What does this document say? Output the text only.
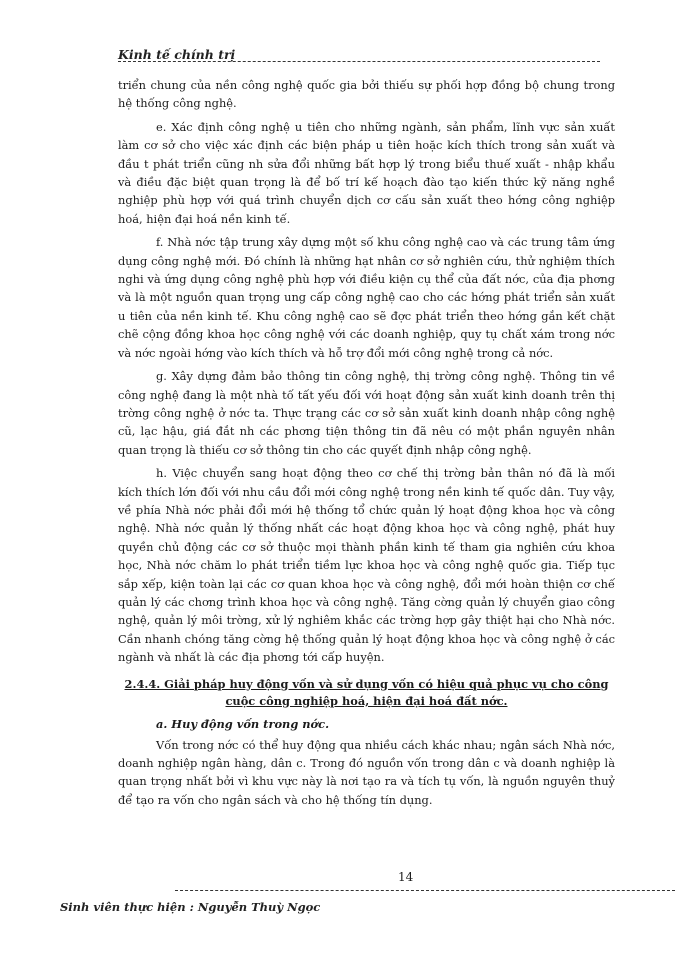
Kinh tế chính trị

triển chung của nền công nghệ quốc gia bởi thiếu sự phối hợp đồng bộ chung trong hệ thống công nghệ.

e. Xác định công nghệ u tiên cho những ngành, sản phẩm, lĩnh vực sản xuất làm cơ sở cho việc xác định các biện pháp u tiên hoặc kích thích trong sản xuất và đầu t phát triển cũng nh sửa đổi những bất hợp lý trong biểu thuế xuất - nhập khẩu và điều đặc biệt quan trọng là để bố trí kế hoạch đào tạo kiến thức kỹ năng nghề nghiệp phù hợp với quá trình chuyển dịch cơ cấu sản xuất theo hớng công nghiệp hoá, hiện đại hoá nền kinh tế.

f. Nhà nớc tập trung xây dựng một số khu công nghệ cao và các trung tâm ứng dụng công nghệ mới. Đó chính là những hạt nhân cơ sở nghiên cứu, thử nghiệm thích nghi và ứng dụng công nghệ phù hợp với điều kiện cụ thể của đất nớc, của địa phơng và là một nguồn quan trọng ung cấp công nghệ cao cho các hớng phát triển sản xuất u tiên của nền kinh tế. Khu công nghệ cao sẽ đợc phát triển theo hớng gắn kết chặt chẽ cộng đồng khoa học công nghệ với các doanh nghiệp, quy tụ chất xám trong nớc và nớc ngoài hớng vào kích thích và hỗ trợ đổi mới công nghệ trong cả nớc.

g. Xây dựng đảm bảo thông tin công nghệ, thị trờng công nghệ. Thông tin về công nghệ đang là một nhà tố tất yếu đối với hoạt động sản xuất kinh doanh trên thị trờng công nghệ ở nớc ta. Thực trạng các cơ sở sản xuất kinh doanh nhập công nghệ cũ, lạc hậu, giá đắt nh các phơng tiện thông tin đã nêu có một phần nguyên nhân quan trọng là thiếu cơ sở thông tin cho các quyết định nhập công nghệ.

h. Việc chuyển sang hoạt động theo cơ chế thị trờng bản thân nó đã là mối kích thích lớn đối với nhu cầu đổi mới công nghệ trong nền kinh tế quốc dân. Tuy vậy, về phía Nhà nớc phải đổi mới hệ thống tổ chức quản lý hoạt động khoa học và công nghệ. Nhà nớc quản lý thống nhất các hoạt động khoa học và công nghệ, phát huy quyền chủ động các cơ sở thuộc mọi thành phần kinh tế tham gia nghiên cứu khoa học, Nhà nớc chăm lo phát triển tiềm lực khoa học và công nghệ quốc gia. Tiếp tục sắp xếp, kiện toàn lại các cơ quan khoa học và công nghệ, đổi mới hoàn thiện cơ chế quản lý các chơng trình khoa học và công nghệ. Tăng cờng quản lý chuyển giao công nghệ, quản lý môi trờng, xử lý nghiêm khắc các trờng hợp gây thiệt hại cho Nhà nớc. Cần nhanh chóng tăng cờng hệ thống quản lý hoạt động khoa học và công nghệ ở các ngành và nhất là các địa phơng tới cấp huyện.

2.4.4. Giải pháp huy động vốn và sử dụng vốn có hiệu quả phục vụ cho công cuộc công nghiệp hoá, hiện đại hoá đất nớc.
a. Huy động vốn trong nớc.

Vốn trong nớc có thể huy động qua nhiều cách khác nhau; ngân sách Nhà nớc, doanh nghiệp ngân hàng, dân c. Trong đó nguồn vốn trong dân c và doanh nghiệp là quan trọng nhất bởi vì khu vực này là nơi tạo ra và tích tụ vốn, là nguồn nguyên thuỷ để tạo ra vốn cho ngân sách và cho hệ thống tín dụng.

14
Sinh viên thực hiện : Nguyễn Thuỳ Ngọc
